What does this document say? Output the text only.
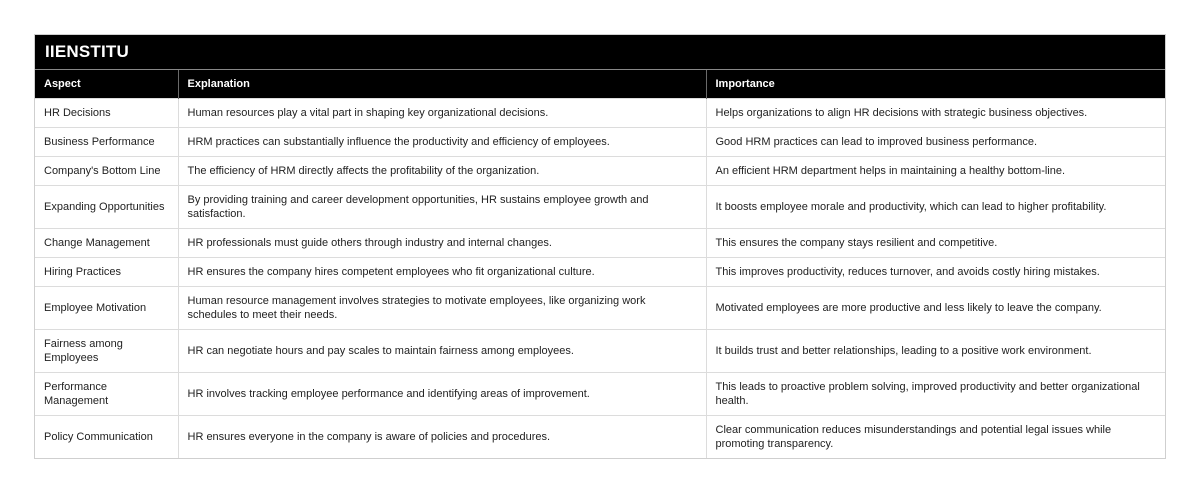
IIENSTITU
Aspect	Explanation	Importance
HR Decisions	Human resources play a vital part in shaping key organizational decisions.	Helps organizations to align HR decisions with strategic business objectives.
Business Performance	HRM practices can substantially influence the productivity and efficiency of employees.	Good HRM practices can lead to improved business performance.
Company's Bottom Line	The efficiency of HRM directly affects the profitability of the organization.	An efficient HRM department helps in maintaining a healthy bottom-line.
Expanding Opportunities	By providing training and career development opportunities, HR sustains employee growth and satisfaction.	It boosts employee morale and productivity, which can lead to higher profitability.
Change Management	HR professionals must guide others through industry and internal changes.	This ensures the company stays resilient and competitive.
Hiring Practices	HR ensures the company hires competent employees who fit organizational culture.	This improves productivity, reduces turnover, and avoids costly hiring mistakes.
Employee Motivation	Human resource management involves strategies to motivate employees, like organizing work schedules to meet their needs.	Motivated employees are more productive and less likely to leave the company.
Fairness among Employees	HR can negotiate hours and pay scales to maintain fairness among employees.	It builds trust and better relationships, leading to a positive work environment.
Performance Management	HR involves tracking employee performance and identifying areas of improvement.	This leads to proactive problem solving, improved productivity and better organizational health.
Policy Communication	HR ensures everyone in the company is aware of policies and procedures.	Clear communication reduces misunderstandings and potential legal issues while promoting transparency.
